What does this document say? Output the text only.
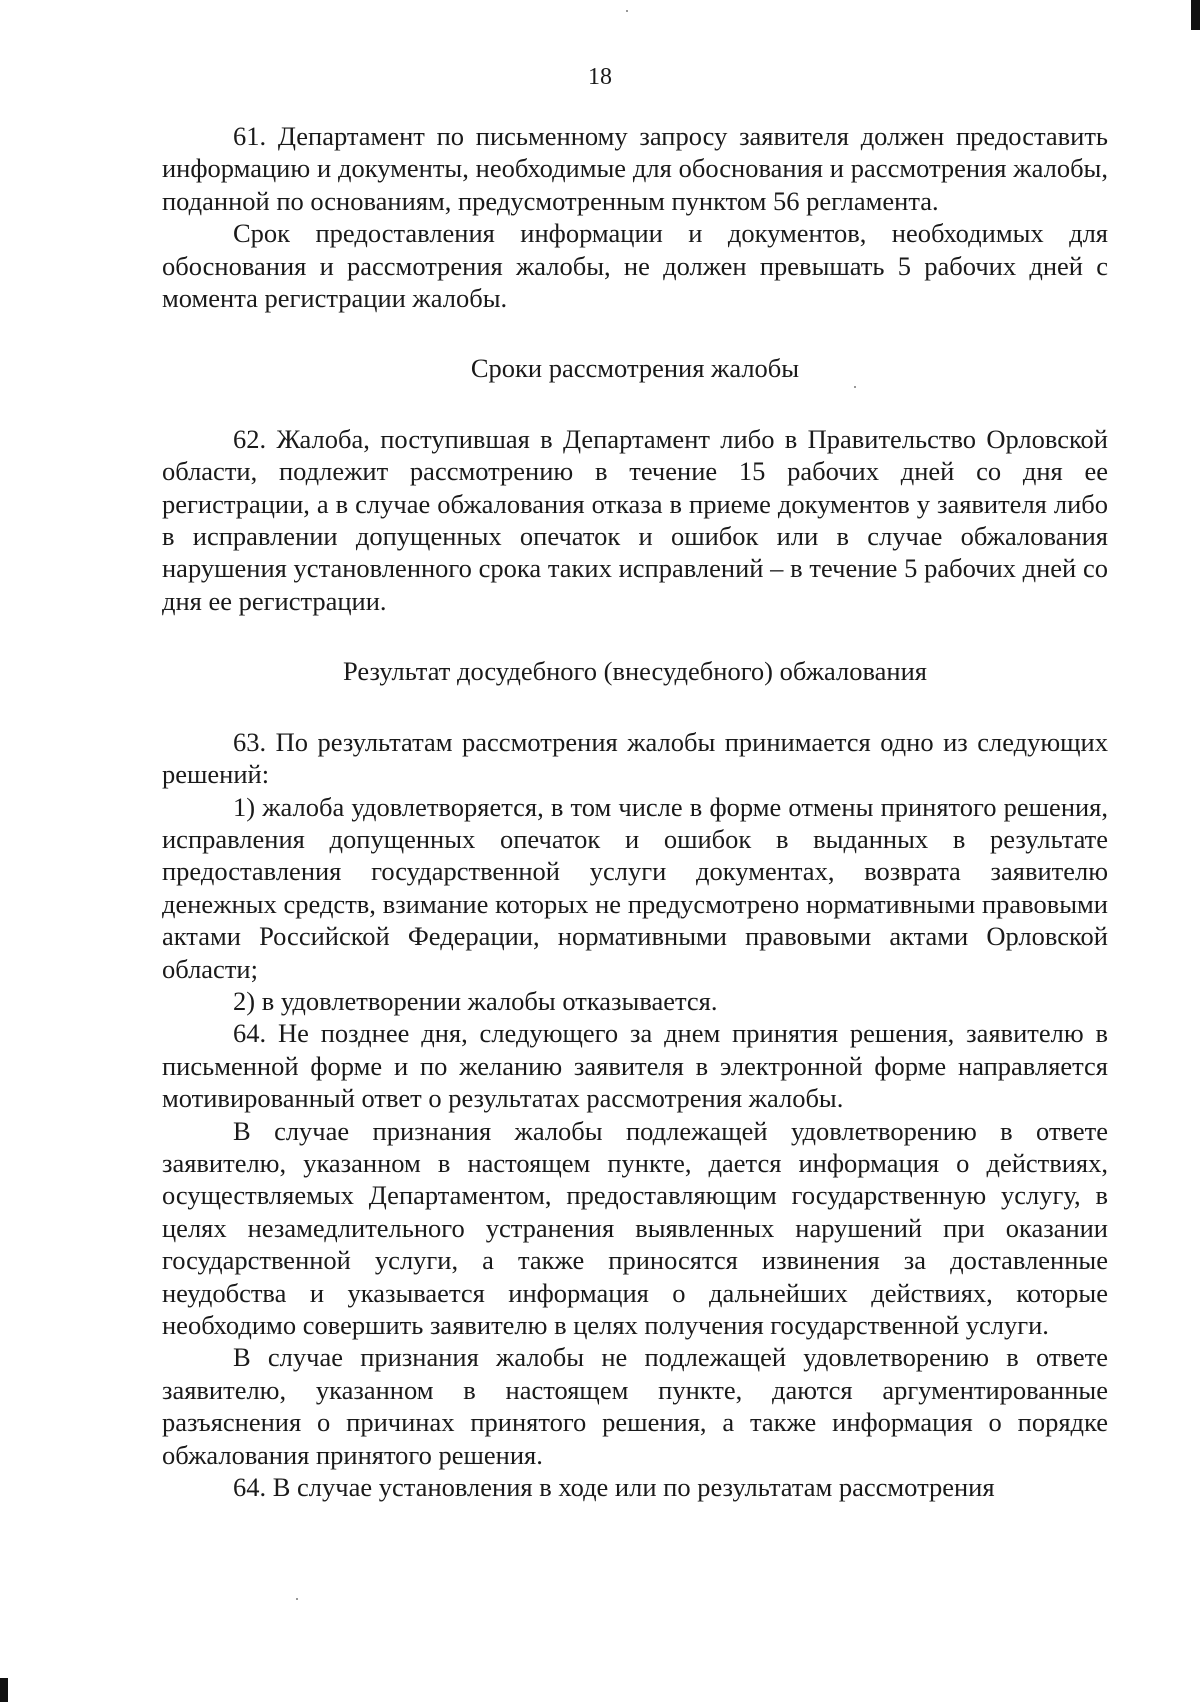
18

61. Департамент по письменному запросу заявителя должен предоставить информацию и документы, необходимые для обоснования и рассмотрения жалобы, поданной по основаниям, предусмотренным пунктом 56 регламента.

Срок предоставления информации и документов, необходимых для обоснования и рассмотрения жалобы, не должен превышать 5 рабочих дней с момента регистрации жалобы.

Сроки рассмотрения жалобы

62. Жалоба, поступившая в Департамент либо в Правительство Орловской области, подлежит рассмотрению в течение 15 рабочих дней со дня ее регистрации, а в случае обжалования отказа в приеме документов у заявителя либо в исправлении допущенных опечаток и ошибок или в случае обжалования нарушения установленного срока таких исправлений – в течение 5 рабочих дней со дня ее регистрации.

Результат досудебного (внесудебного) обжалования

63. По результатам рассмотрения жалобы принимается одно из следующих решений:

1) жалоба удовлетворяется, в том числе в форме отмены принятого решения, исправления допущенных опечаток и ошибок в выданных в результате предоставления государственной услуги документах, возврата заявителю денежных средств, взимание которых не предусмотрено нормативными правовыми актами Российской Федерации, нормативными правовыми актами Орловской области;

2) в удовлетворении жалобы отказывается.

64. Не позднее дня, следующего за днем принятия решения, заявителю в письменной форме и по желанию заявителя в электронной форме направляется мотивированный ответ о результатах рассмотрения жалобы.

В случае признания жалобы подлежащей удовлетворению в ответе заявителю, указанном в настоящем пункте, дается информация о действиях, осуществляемых Департаментом, предоставляющим государственную услугу, в целях незамедлительного устранения выявленных нарушений при оказании государственной услуги, а также приносятся извинения за доставленные неудобства и указывается информация о дальнейших действиях, которые необходимо совершить заявителю в целях получения государственной услуги.

В случае признания жалобы не подлежащей удовлетворению в ответе заявителю, указанном в настоящем пункте, даются аргументированные разъяснения о причинах принятого решения, а также информация о порядке обжалования принятого решения.

64. В случае установления в ходе или по результатам рассмотрения
